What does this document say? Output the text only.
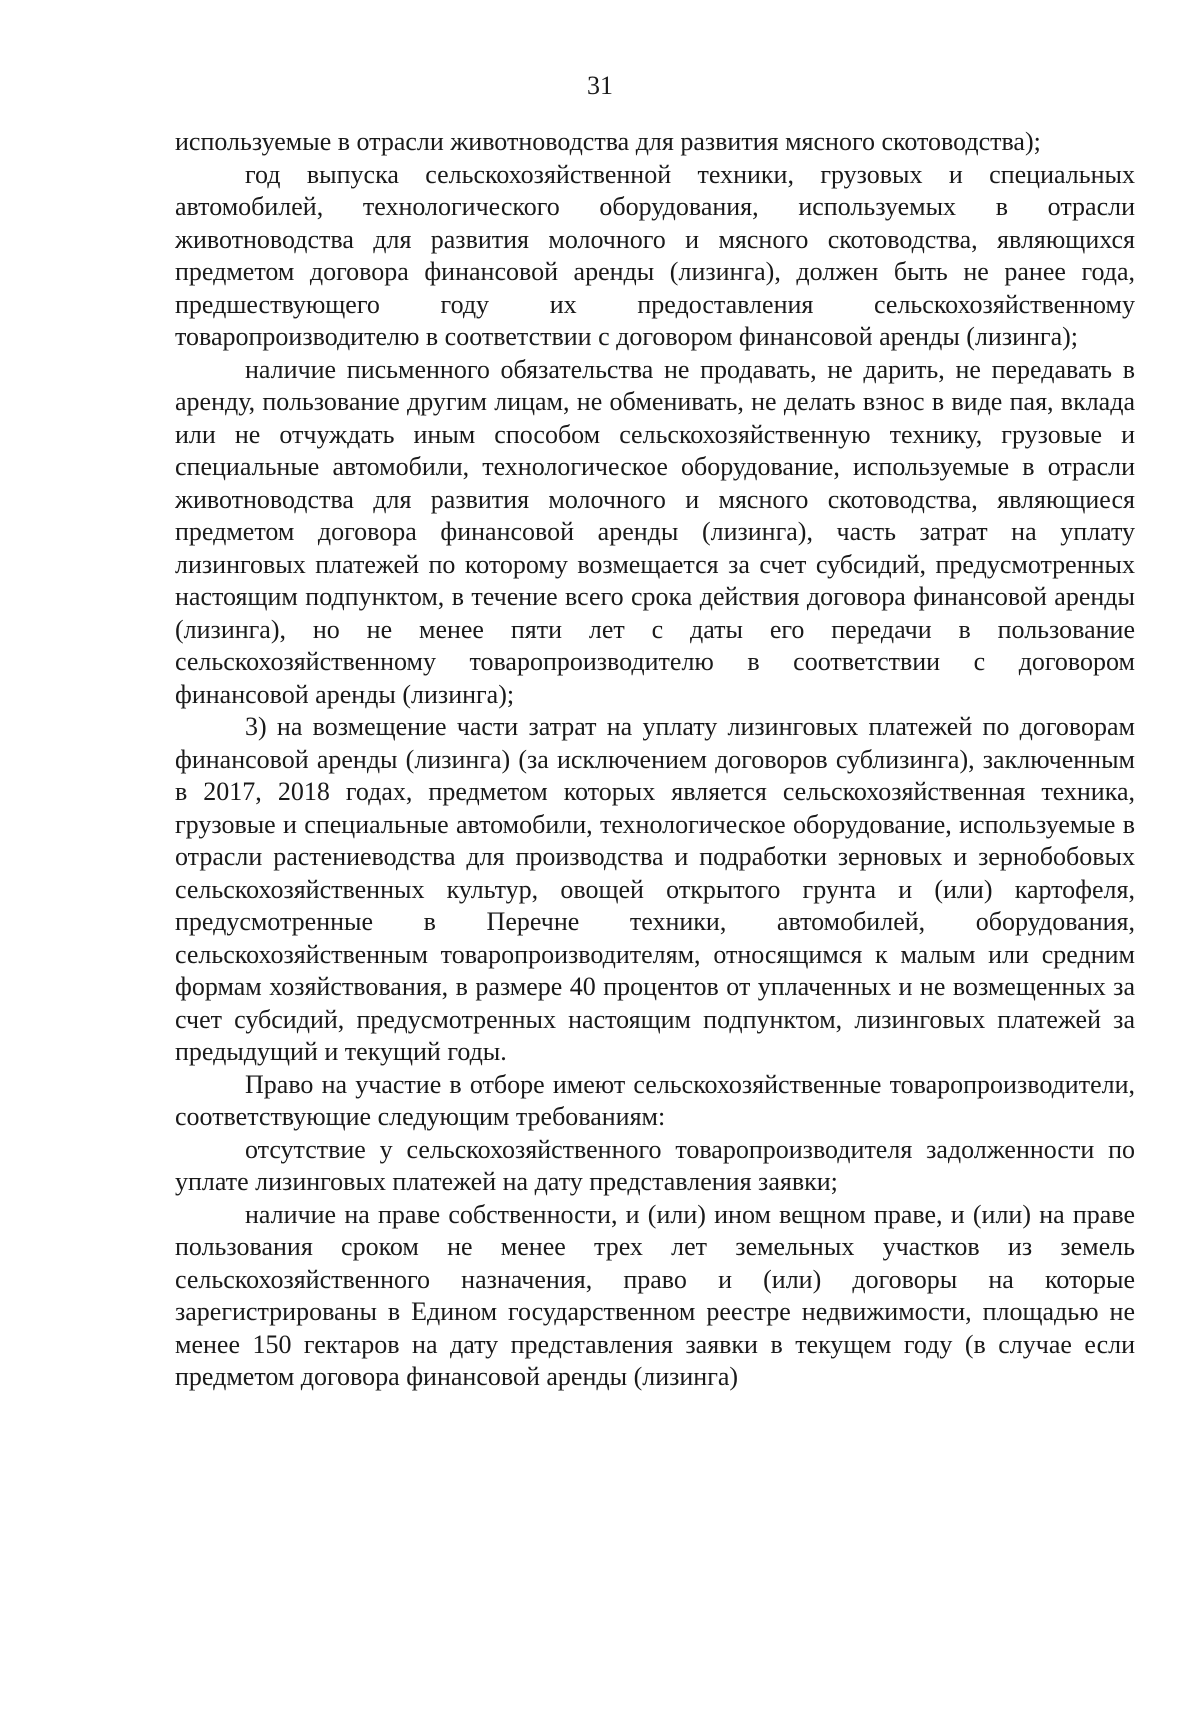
31

используемые в отрасли животноводства для развития мясного скотоводства);

год выпуска сельскохозяйственной техники, грузовых и специальных автомобилей, технологического оборудования, используемых в отрасли животноводства для развития молочного и мясного скотоводства, являющихся предметом договора финансовой аренды (лизинга), должен быть не ранее года, предшествующего году их предоставления сельскохозяйственному товаропроизводителю в соответствии с договором финансовой аренды (лизинга);

наличие письменного обязательства не продавать, не дарить, не передавать в аренду, пользование другим лицам, не обменивать, не делать взнос в виде пая, вклада или не отчуждать иным способом сельскохозяйственную технику, грузовые и специальные автомобили, технологическое оборудование, используемые в отрасли животноводства для развития молочного и мясного скотоводства, являющиеся предметом договора финансовой аренды (лизинга), часть затрат на уплату лизинговых платежей по которому возмещается за счет субсидий, предусмотренных настоящим подпунктом, в течение всего срока действия договора финансовой аренды (лизинга), но не менее пяти лет с даты его передачи в пользование сельскохозяйственному товаропроизводителю в соответствии с договором финансовой аренды (лизинга);

3) на возмещение части затрат на уплату лизинговых платежей по договорам финансовой аренды (лизинга) (за исключением договоров сублизинга), заключенным в 2017, 2018 годах, предметом которых является сельскохозяйственная техника, грузовые и специальные автомобили, технологическое оборудование, используемые в отрасли растениеводства для производства и подработки зерновых и зернобобовых сельскохозяйственных культур, овощей открытого грунта и (или) картофеля, предусмотренные в Перечне техники, автомобилей, оборудования, сельскохозяйственным товаропроизводителям, относящимся к малым или средним формам хозяйствования, в размере 40 процентов от уплаченных и не возмещенных за счет субсидий, предусмотренных настоящим подпунктом, лизинговых платежей за предыдущий и текущий годы.

Право на участие в отборе имеют сельскохозяйственные товаропроизводители, соответствующие следующим требованиям:

отсутствие у сельскохозяйственного товаропроизводителя задолженности по уплате лизинговых платежей на дату представления заявки;

наличие на праве собственности, и (или) ином вещном праве, и (или) на праве пользования сроком не менее трех лет земельных участков из земель сельскохозяйственного назначения, право и (или) договоры на которые зарегистрированы в Едином государственном реестре недвижимости, площадью не менее 150 гектаров на дату представления заявки в текущем году (в случае если предметом договора финансовой аренды (лизинга)
